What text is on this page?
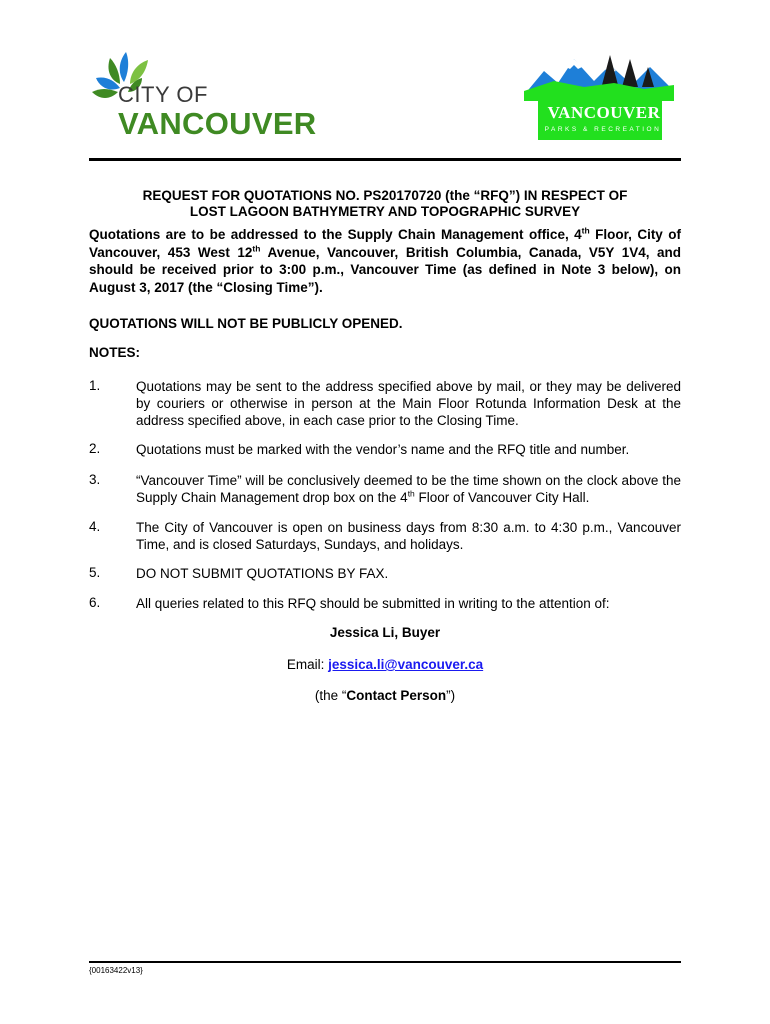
CITY OF
VANCOUVER	VANCOUVER
PARKS & RECREATION
REQUEST FOR QUOTATIONS NO. PS20170720 (the “RFQ”) IN RESPECT OF
LOST LAGOON BATHYMETRY AND TOPOGRAPHIC SURVEY
Quotations are to be addressed to the Supply Chain Management office, 4th Floor, City of Vancouver, 453 West 12th Avenue, Vancouver, British Columbia, Canada, V5Y 1V4, and should be received prior to 3:00 p.m., Vancouver Time (as defined in Note 3 below), on August 3, 2017 (the “Closing Time”).
QUOTATIONS WILL NOT BE PUBLICLY OPENED.
NOTES:
1.	Quotations may be sent to the address specified above by mail, or they may be delivered by couriers or otherwise in person at the Main Floor Rotunda Information Desk at the address specified above, in each case prior to the Closing Time.
2.	Quotations must be marked with the vendor’s name and the RFQ title and number.
3.	“Vancouver Time” will be conclusively deemed to be the time shown on the clock above the Supply Chain Management drop box on the 4th Floor of Vancouver City Hall.
4.	The City of Vancouver is open on business days from 8:30 a.m. to 4:30 p.m., Vancouver Time, and is closed Saturdays, Sundays, and holidays.
5.	DO NOT SUBMIT QUOTATIONS BY FAX.
6.	All queries related to this RFQ should be submitted in writing to the attention of:
Jessica Li, Buyer
Email: jessica.li@vancouver.ca
(the “Contact Person”)
{00163422v13}
